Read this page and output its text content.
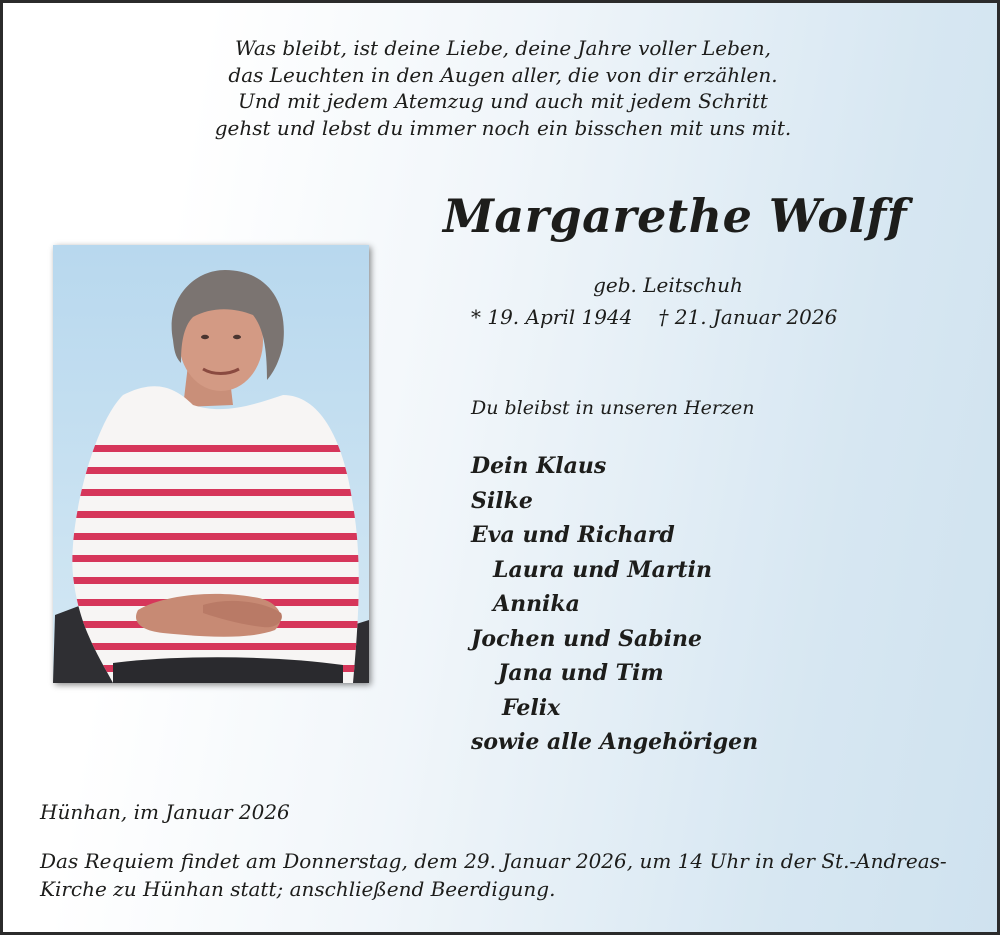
Was bleibt, ist deine Liebe, deine Jahre voller Leben,
das Leuchten in den Augen aller, die von dir erzählen.
Und mit jedem Atemzug und auch mit jedem Schritt
gehst und lebst du immer noch ein bisschen mit uns mit.
Margarethe Wolff
geb. Leitschuh
* 19. April 1944 † 21. Januar 2026
Du bleibst in unseren Herzen
Dein Klaus
Silke
Eva und Richard
Laura und Martin
Annika
Jochen und Sabine
Jana und Tim
Felix
sowie alle Angehörigen
Hünhan, im Januar 2026
Das Requiem findet am Donnerstag, dem 29. Januar 2026, um 14 Uhr in der St.-Andreas-
Kirche zu Hünhan statt; anschließend Beerdigung.
